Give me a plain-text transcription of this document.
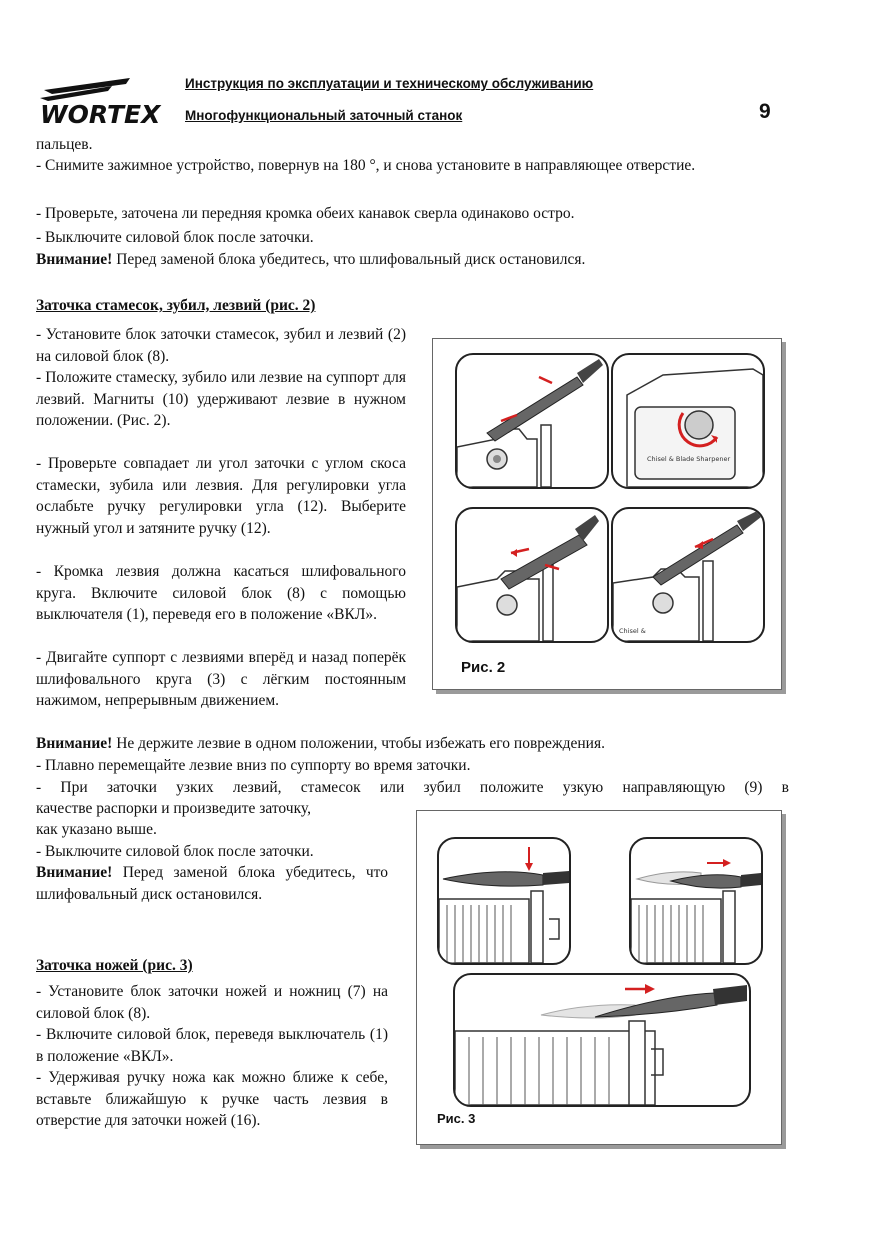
WORTEX
Инструкция по эксплуатации и техническому обслуживанию
Многофункциональный заточный станок	9
пальцев.
- Снимите зажимное устройство, повернув на 180 °, и снова установите в направляющее отверстие.
- Проверьте, заточена ли передняя кромка обеих канавок сверла одинаково остро.
- Выключите силовой блок после заточки.
Внимание! Перед заменой блока убедитесь, что шлифовальный диск остановился.
Заточка стамесок, зубил, лезвий (рис. 2)
- Установите блок заточки стамесок, зубил и лезвий (2) на силовой блок (8).
- Положите стамеску, зубило или лезвие на суппорт для лезвий. Магниты (10) удерживают лезвие в нужном положении. (Рис. 2).
- Проверьте совпадает ли угол заточки с углом скоса стамески, зубила или лезвия. Для регулировки угла ослабьте ручку регулировки угла (12). Выберите нужный угол и затяните ручку (12).
- Кромка лезвия должна касаться шлифовального круга. Включите силовой блок (8) с помощью выключателя (1), переведя его в положение «ВКЛ».
- Двигайте суппорт с лезвиями вперёд и назад поперёк шлифовального круга (3) с лёгким постоянным нажимом, непрерывным движением.
Внимание! Не держите лезвие в одном положении, чтобы избежать его повреждения.
- Плавно перемещайте лезвие вниз по суппорту во время заточки.
- При заточки узких лезвий, стамесок или зубил положите узкую направляющую (9) в
качестве распорки и произведите заточку,
как указано выше.
- Выключите силовой блок после заточки.
Внимание! Перед заменой блока убедитесь, что шлифовальный диск остановился.
Chisel & Blade Sharpener
Chisel &
Рис. 2
Заточка ножей (рис. 3)
- Установите блок заточки ножей и ножниц (7) на силовой блок (8).
- Включите силовой блок, переведя выключатель (1) в положение «ВКЛ».
- Удерживая ручку ножа как можно ближе к себе, вставьте ближайшую к ручке часть лезвия в отверстие для заточки ножей (16).	Рис. 3
